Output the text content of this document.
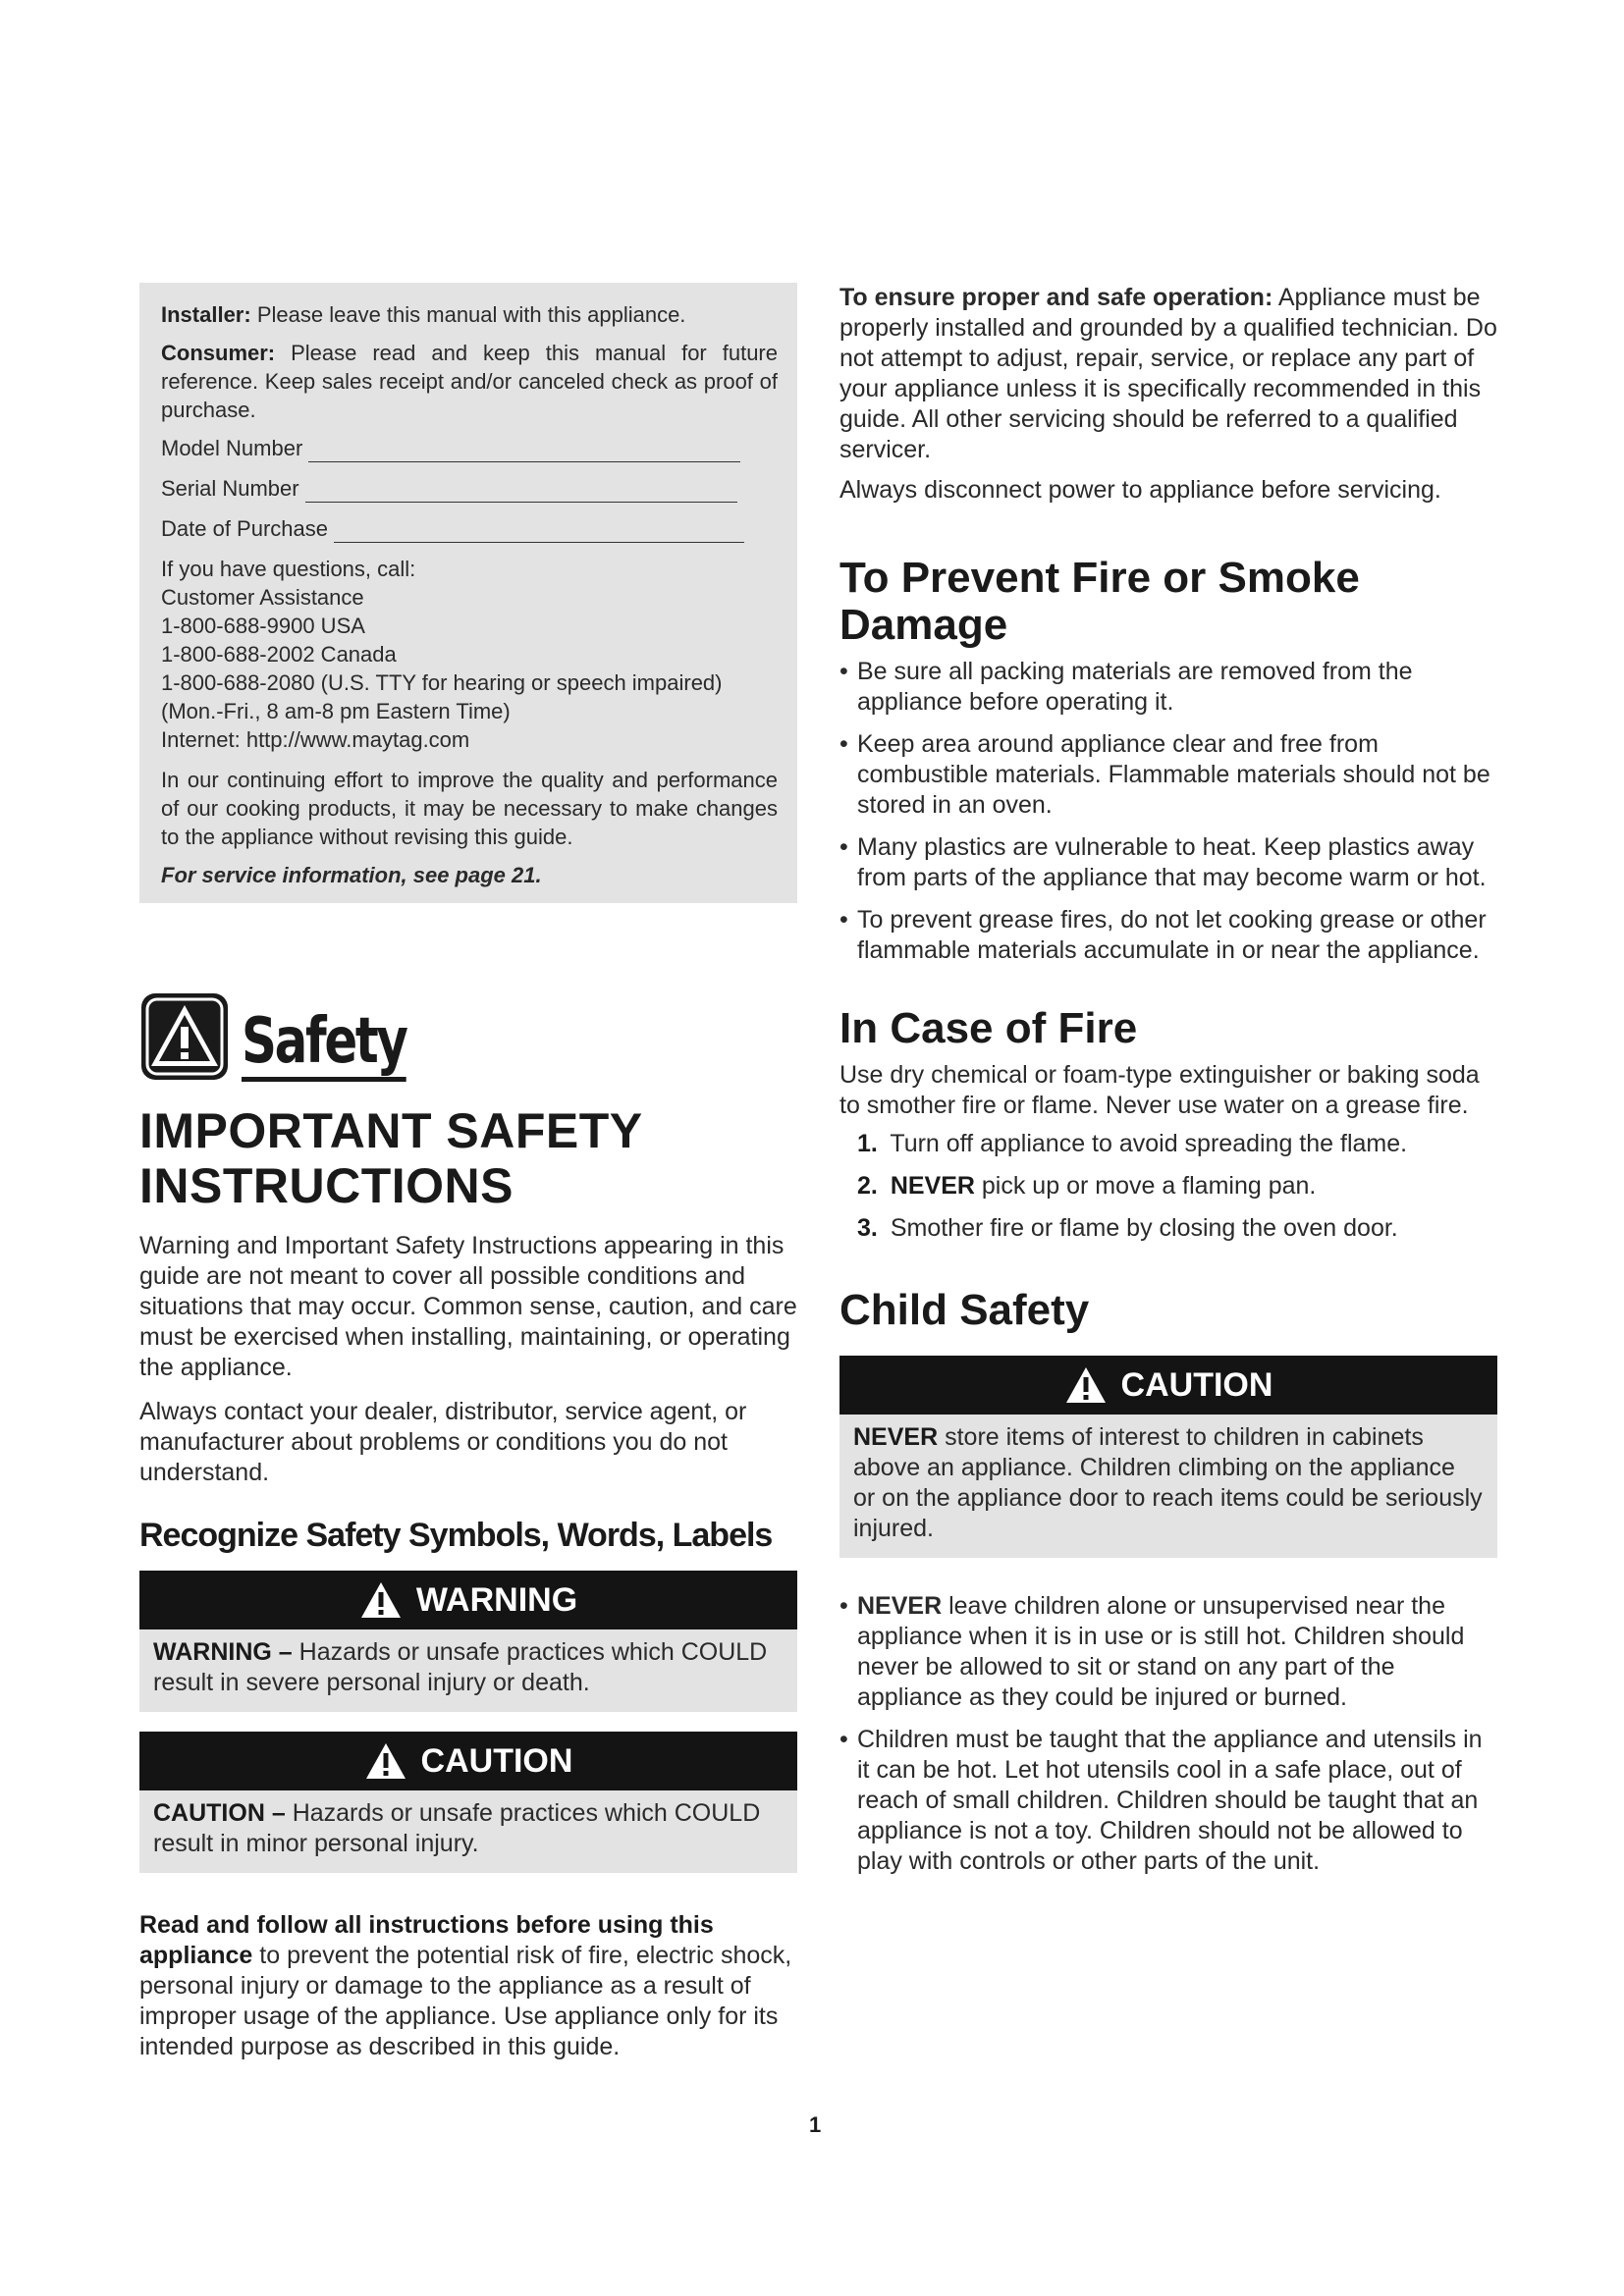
Installer: Please leave this manual with this appliance.

Consumer: Please read and keep this manual for future reference. Keep sales receipt and/or canceled check as proof of purchase.

Model Number
Serial Number
Date of Purchase
If you have questions, call:
Customer Assistance
1-800-688-9900 USA
1-800-688-2002 Canada
1-800-688-2080 (U.S. TTY for hearing or speech impaired)
(Mon.-Fri., 8 am-8 pm Eastern Time)
Internet: http://www.maytag.com

In our continuing effort to improve the quality and performance of our cooking products, it may be necessary to make changes to the appliance without revising this guide.

For service information, see page 21.

Safety
IMPORTANT SAFETY INSTRUCTIONS

Warning and Important Safety Instructions appearing in this guide are not meant to cover all possible conditions and situations that may occur. Common sense, caution, and care must be exercised when installing, maintaining, or operating the appliance.

Always contact your dealer, distributor, service agent, or manufacturer about problems or conditions you do not understand.

Recognize Safety Symbols, Words, Labels
WARNING
WARNING – Hazards or unsafe practices which COULD result in severe personal injury or death.
CAUTION
CAUTION – Hazards or unsafe practices which COULD result in minor personal injury.
Read and follow all instructions before using this appliance to prevent the potential risk of fire, electric shock, personal injury or damage to the appliance as a result of improper usage of the appliance. Use appliance only for its intended purpose as described in this guide.

To ensure proper and safe operation: Appliance must be properly installed and grounded by a qualified technician. Do not attempt to adjust, repair, service, or replace any part of your appliance unless it is specifically recommended in this guide. All other servicing should be referred to a qualified servicer.

Always disconnect power to appliance before servicing.

To Prevent Fire or Smoke Damage
• Be sure all packing materials are removed from the appliance before operating it.
• Keep area around appliance clear and free from combustible materials. Flammable materials should not be stored in an oven.
• Many plastics are vulnerable to heat. Keep plastics away from parts of the appliance that may become warm or hot.
• To prevent grease fires, do not let cooking grease or other flammable materials accumulate in or near the appliance.
In Case of Fire

Use dry chemical or foam-type extinguisher or baking soda to smother fire or flame. Never use water on a grease fire.

1. Turn off appliance to avoid spreading the flame.
2. NEVER pick up or move a flaming pan.
3. Smother fire or flame by closing the oven door.
Child Safety
CAUTION
NEVER store items of interest to children in cabinets above an appliance. Children climbing on the appliance or on the appliance door to reach items could be seriously injured.
• NEVER leave children alone or unsupervised near the appliance when it is in use or is still hot. Children should never be allowed to sit or stand on any part of the appliance as they could be injured or burned.
• Children must be taught that the appliance and utensils in it can be hot. Let hot utensils cool in a safe place, out of reach of small children. Children should be taught that an appliance is not a toy. Children should not be allowed to play with controls or other parts of the unit.
1
